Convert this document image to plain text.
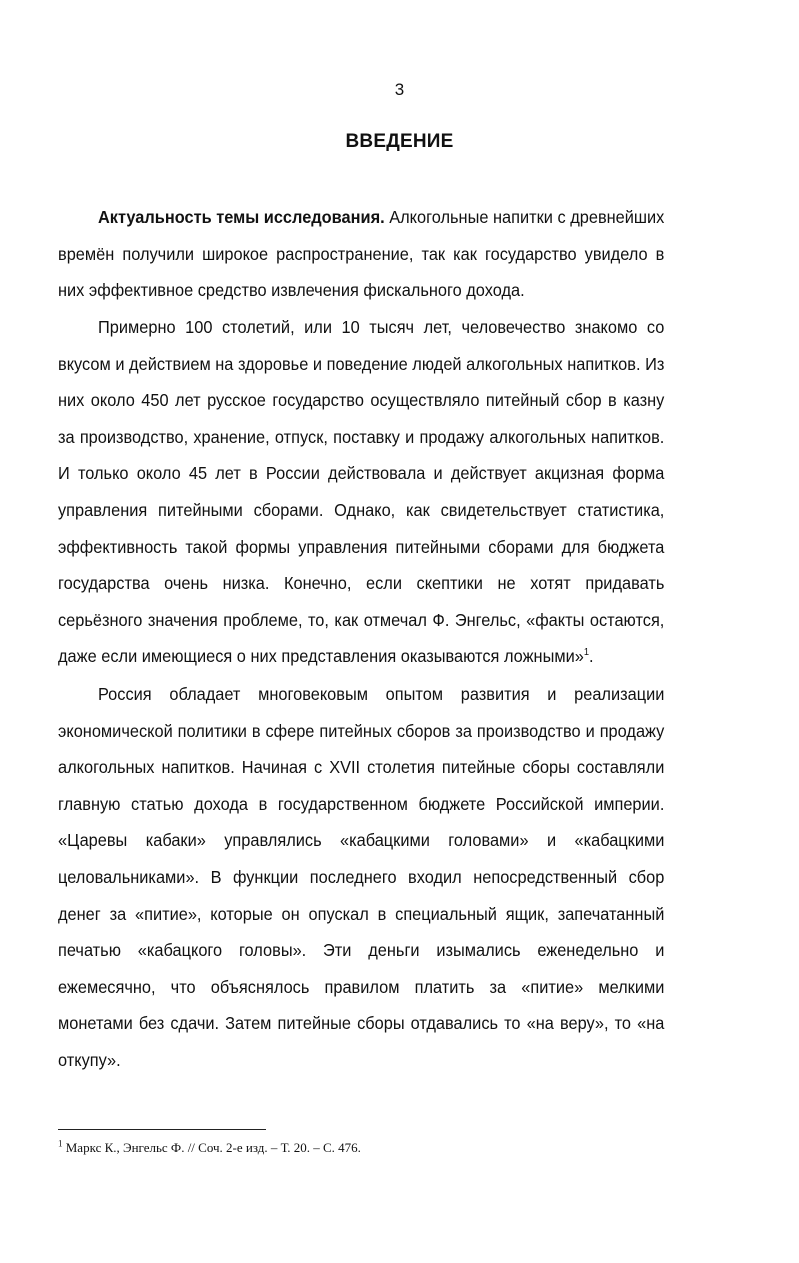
3
ВВЕДЕНИЕ

Актуальность темы исследования. Алкогольные напитки с древнейших времён получили широкое распространение, так как государство увидело в них эффективное средство извлечения фискального дохода.

Примерно 100 столетий, или 10 тысяч лет, человечество знакомо со вкусом и действием на здоровье и поведение людей алкогольных напитков. Из них около 450 лет русское государство осуществляло питейный сбор в казну за производство, хранение, отпуск, поставку и продажу алкогольных напитков. И только около 45 лет в России действовала и действует акцизная форма управления питейными сборами. Однако, как свидетельствует статистика, эффективность такой формы управления питейными сборами для бюджета государства очень низка. Конечно, если скептики не хотят придавать серьёзного значения проблеме, то, как отмечал Ф. Энгельс, «факты остаются, даже если имеющиеся о них представления оказываются ложными»$^1$.

Россия обладает многовековым опытом развития и реализации экономической политики в сфере питейных сборов за производство и продажу алкогольных напитков. Начиная с XVII столетия питейные сборы составляли главную статью дохода в государственном бюджете Российской империи. «Царевы кабаки» управлялись «кабацкими головами» и «кабацкими целовальниками». В функции последнего входил непосредственный сбор денег за «питие», которые он опускал в специальный ящик, запечатанный печатью «кабацкого головы». Эти деньги изымались еженедельно и ежемесячно, что объяснялось правилом платить за «питие» мелкими монетами без сдачи. Затем питейные сборы отдавались то «на веру», то «на откупу».

$^1$ Маркс К., Энгельс Ф. // Соч. 2-е изд. – Т. 20. – С. 476.
